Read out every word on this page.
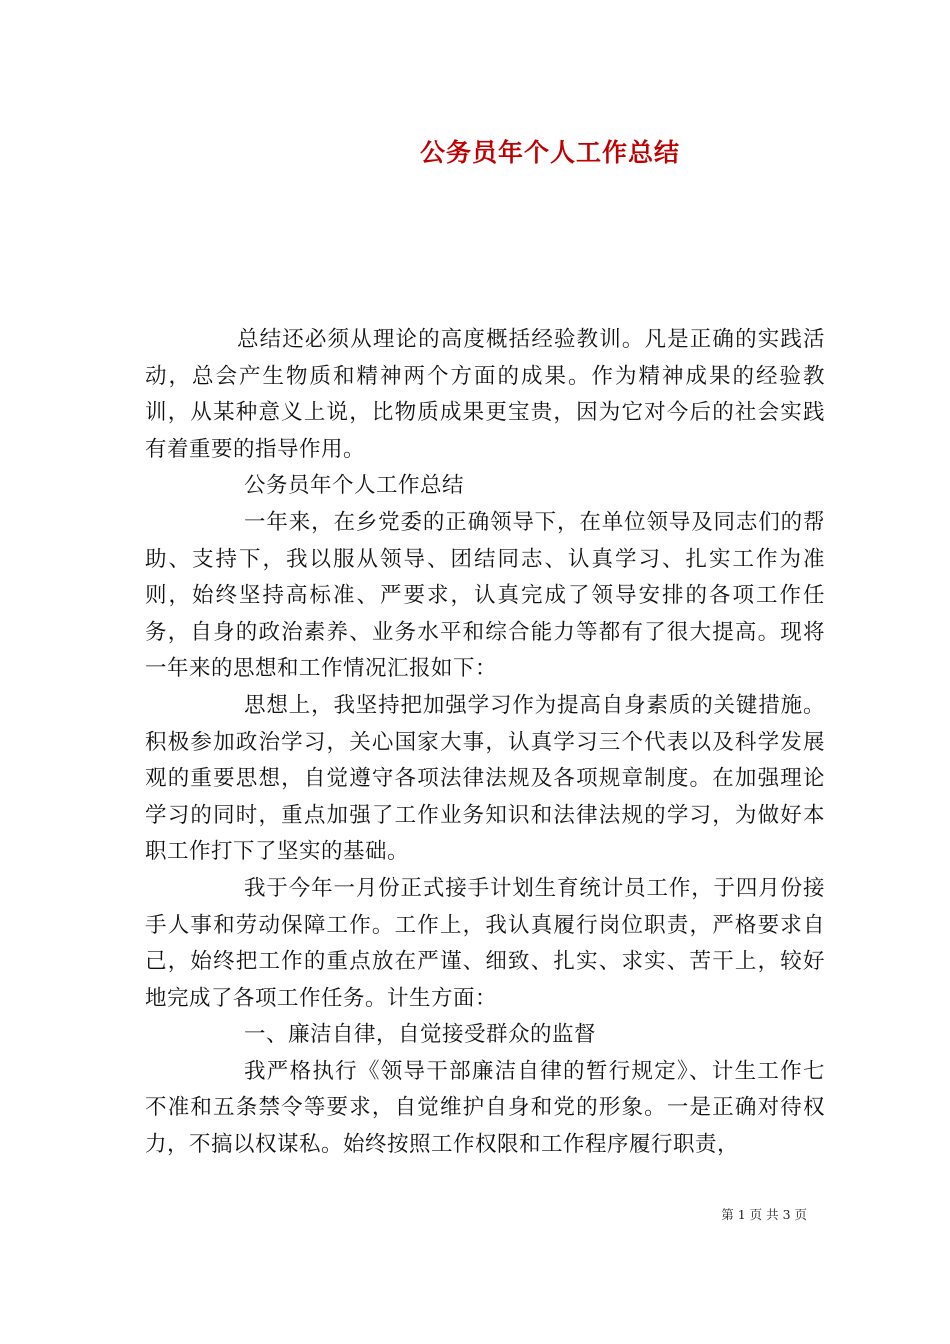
公务员年个人工作总结

总结还必须从理论的高度概括经验教训。凡是正确的实践活动，总会产生物质和精神两个方面的成果。作为精神成果的经验教训，从某种意义上说，比物质成果更宝贵，因为它对今后的社会实践有着重要的指导作用。

公务员年个人工作总结

一年来，在乡党委的正确领导下，在单位领导及同志们的帮助、支持下，我以服从领导、团结同志、认真学习、扎实工作为准则，始终坚持高标准、严要求，认真完成了领导安排的各项工作任务，自身的政治素养、业务水平和综合能力等都有了很大提高。现将一年来的思想和工作情况汇报如下：

思想上，我坚持把加强学习作为提高自身素质的关键措施。积极参加政治学习，关心国家大事，认真学习三个代表以及科学发展观的重要思想，自觉遵守各项法律法规及各项规章制度。在加强理论学习的同时，重点加强了工作业务知识和法律法规的学习，为做好本职工作打下了坚实的基础。

我于今年一月份正式接手计划生育统计员工作，于四月份接手人事和劳动保障工作。工作上，我认真履行岗位职责，严格要求自己，始终把工作的重点放在严谨、细致、扎实、求实、苦干上，较好地完成了各项工作任务。计生方面：

一、廉洁自律，自觉接受群众的监督

我严格执行《领导干部廉洁自律的暂行规定》、计生工作七不准和五条禁令等要求，自觉维护自身和党的形象。一是正确对待权力，不搞以权谋私。始终按照工作权限和工作程序履行职责，

第 1 页 共 3 页
